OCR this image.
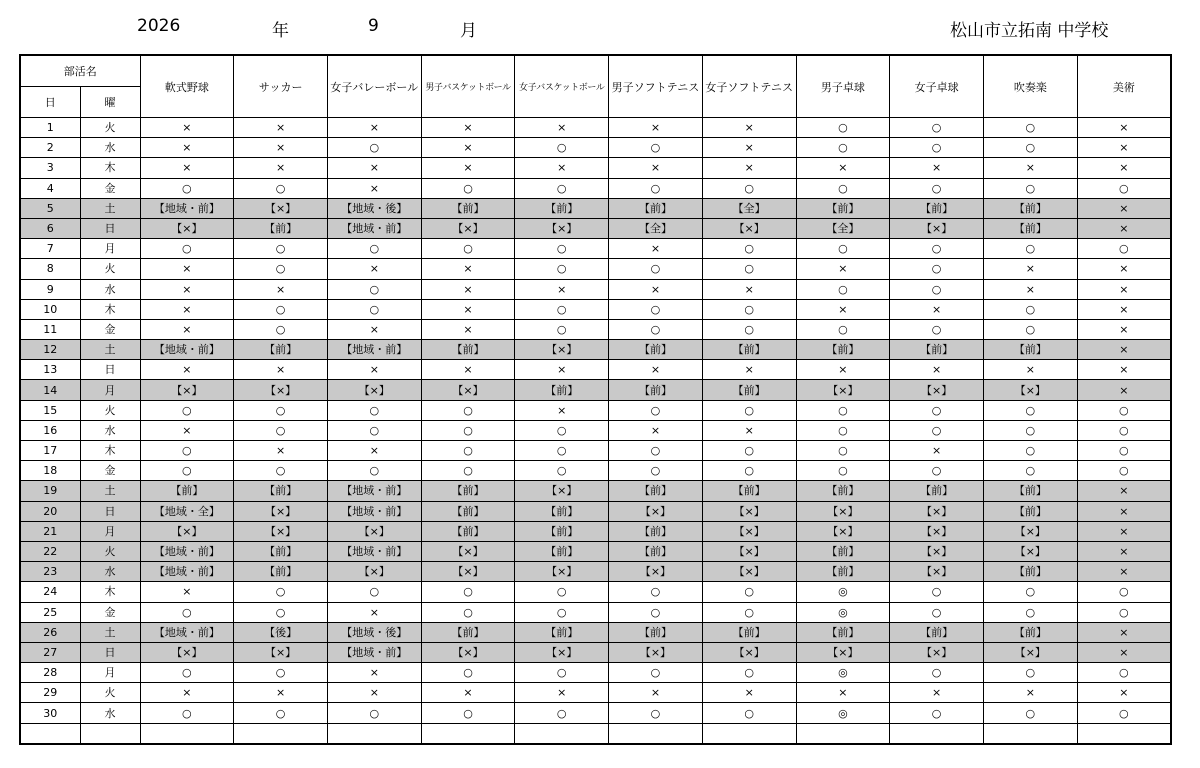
2026	年	9	月	松山市立拓南 中学校
部活名		軟式野球	サッカー	女子バレーボール	男子バスケットボール	女子バスケットボール	男子ソフトテニス	女子ソフトテニス	男子卓球	女子卓球	吹奏楽	美術
日	曜											
1	火	×	×	×	×	×	×	×	○	○	○	×
2	水	×	×	○	×	○	○	×	○	○	○	×
3	木	×	×	×	×	×	×	×	×	×	×	×
4	金	○	○	×	○	○	○	○	○	○	○	○
5	土	【地域・前】	【×】	【地域・後】	【前】	【前】	【前】	【全】	【前】	【前】	【前】	×
6	日	【×】	【前】	【地域・前】	【×】	【×】	【全】	【×】	【全】	【×】	【前】	×
7	月	○	○	○	○	○	×	○	○	○	○	○
8	火	×	○	×	×	○	○	○	×	○	×	×
9	水	×	×	○	×	×	×	×	○	○	×	×
10	木	×	○	○	×	○	○	○	×	×	○	×
11	金	×	○	×	×	○	○	○	○	○	○	×
12	土	【地域・前】	【前】	【地域・前】	【前】	【×】	【前】	【前】	【前】	【前】	【前】	×
13	日	×	×	×	×	×	×	×	×	×	×	×
14	月	【×】	【×】	【×】	【×】	【前】	【前】	【前】	【×】	【×】	【×】	×
15	火	○	○	○	○	×	○	○	○	○	○	○
16	水	×	○	○	○	○	×	×	○	○	○	○
17	木	○	×	×	○	○	○	○	○	×	○	○
18	金	○	○	○	○	○	○	○	○	○	○	○
19	土	【前】	【前】	【地域・前】	【前】	【×】	【前】	【前】	【前】	【前】	【前】	×
20	日	【地域・全】	【×】	【地域・前】	【前】	【前】	【×】	【×】	【×】	【×】	【前】	×
21	月	【×】	【×】	【×】	【前】	【前】	【前】	【×】	【×】	【×】	【×】	×
22	火	【地域・前】	【前】	【地域・前】	【×】	【前】	【前】	【×】	【前】	【×】	【×】	×
23	水	【地域・前】	【前】	【×】	【×】	【×】	【×】	【×】	【前】	【×】	【前】	×
24	木	×	○	○	○	○	○	○	◎	○	○	○
25	金	○	○	×	○	○	○	○	◎	○	○	○
26	土	【地域・前】	【後】	【地域・後】	【前】	【前】	【前】	【前】	【前】	【前】	【前】	×
27	日	【×】	【×】	【地域・前】	【×】	【×】	【×】	【×】	【×】	【×】	【×】	×
28	月	○	○	×	○	○	○	○	◎	○	○	○
29	火	×	×	×	×	×	×	×	×	×	×	×
30	水	○	○	○	○	○	○	○	◎	○	○	○
